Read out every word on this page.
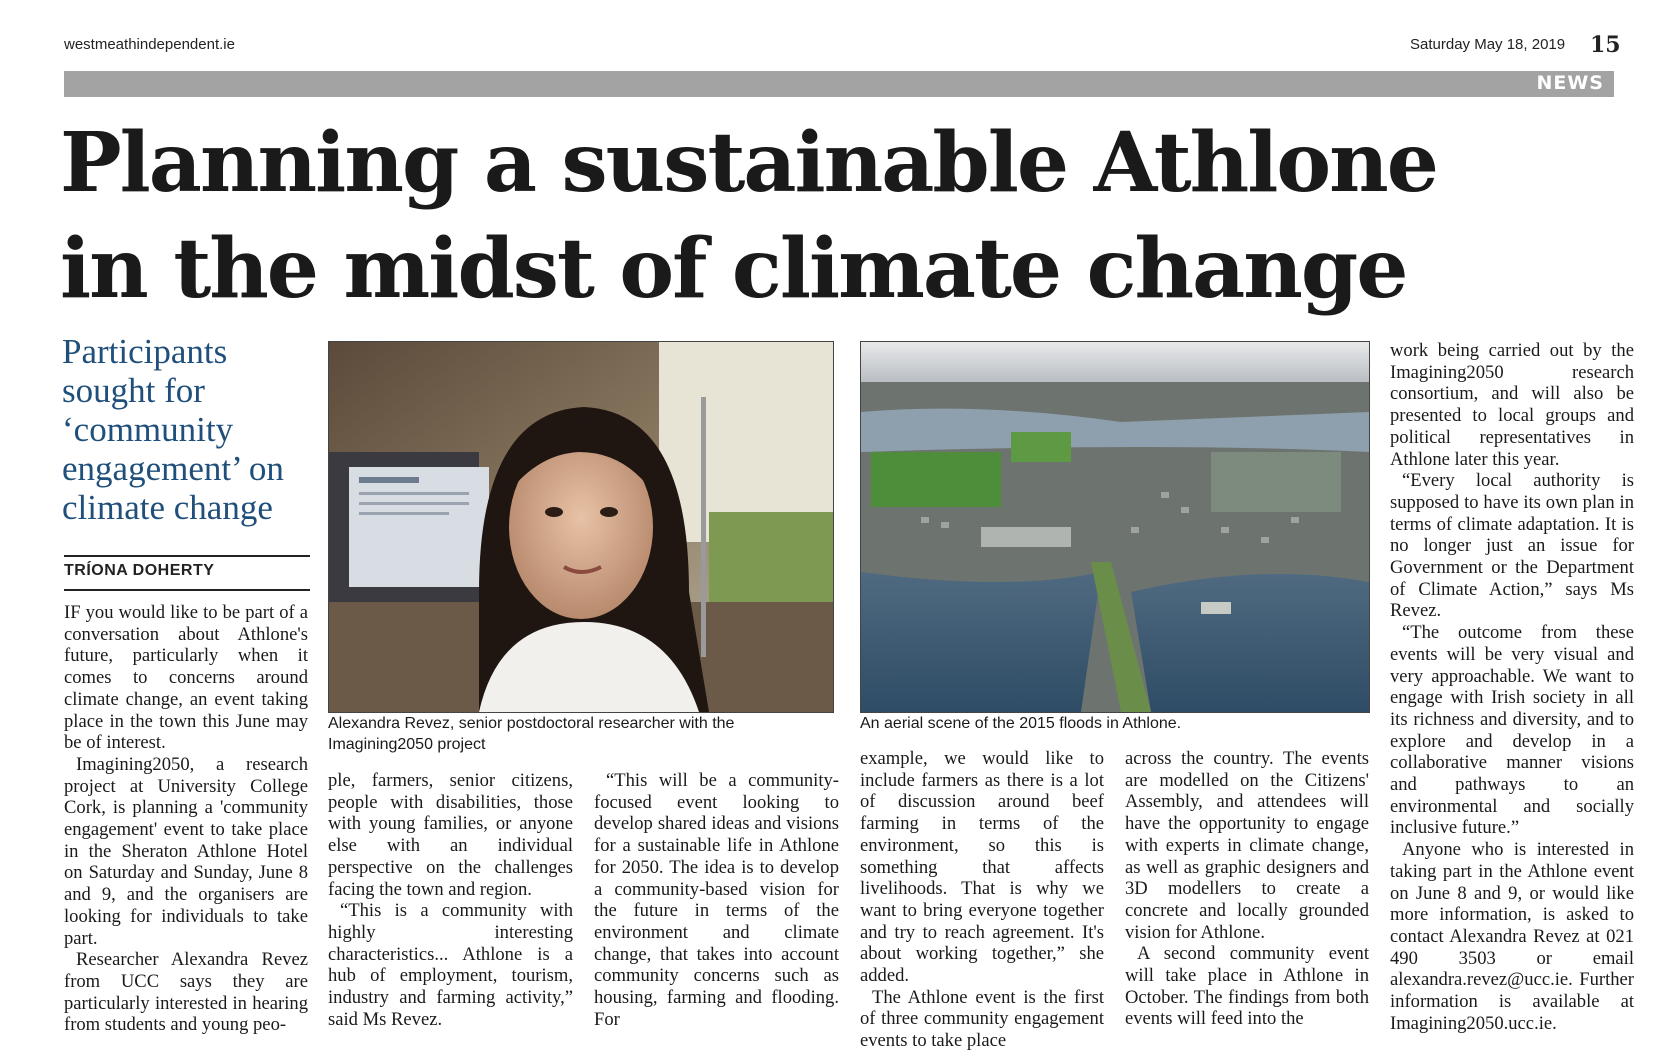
westmeathindependent.ie	Saturday May 18, 2019 15
NEWS
Planning a sustainable Athlone
in the midst of climate change
Participants
sought for
‘community
engagement’ on
climate change
TRÍONA DOHERTY
Alexandra Revez, senior postdoctoral researcher with the Imagining2050 project
An aerial scene of the 2015 floods in Athlone.

IF you would like to be part of a conversation about Athlone's future, particularly when it comes to concerns around climate change, an event taking place in the town this June may be of interest.

Imagining2050, a research project at University College Cork, is planning a 'community engagement' event to take place in the Sheraton Athlone Hotel on Saturday and Sunday, June 8 and 9, and the organisers are looking for individuals to take part.

Researcher Alexandra Revez from UCC says they are particularly interested in hearing from students and young peo-

ple, farmers, senior citizens, people with disabilities, those with young families, or anyone else with an individual perspective on the challenges facing the town and region.

“This is a community with highly interesting characteristics... Athlone is a hub of employment, tourism, industry and farming activity,” said Ms Revez.

“This will be a community-focused event looking to develop shared ideas and visions for a sustainable life in Athlone for 2050. The idea is to develop a community-based vision for the future in terms of the environment and climate change, that takes into account community concerns such as housing, farming and flooding. For

example, we would like to include farmers as there is a lot of discussion around beef farming in terms of the environment, so this is something that affects livelihoods. That is why we want to bring everyone together and try to reach agreement. It's about working together,” she added.

The Athlone event is the first of three community engagement events to take place

across the country. The events are modelled on the Citizens' Assembly, and attendees will have the opportunity to engage with experts in climate change, as well as graphic designers and 3D modellers to create a concrete and locally grounded vision for Athlone.

A second community event will take place in Athlone in October. The findings from both events will feed into the

work being carried out by the Imagining2050 research consortium, and will also be presented to local groups and political representatives in Athlone later this year.

“Every local authority is supposed to have its own plan in terms of climate adaptation. It is no longer just an issue for Government or the Department of Climate Action,” says Ms Revez.

“The outcome from these events will be very visual and very approachable. We want to engage with Irish society in all its richness and diversity, and to explore and develop in a collaborative manner visions and pathways to an environmental and socially inclusive future.”

Anyone who is interested in taking part in the Athlone event on June 8 and 9, or would like more information, is asked to contact Alexandra Revez at 021 490 3503 or email alexandra.revez@ucc.ie. Further information is available at Imagining2050.ucc.ie.
